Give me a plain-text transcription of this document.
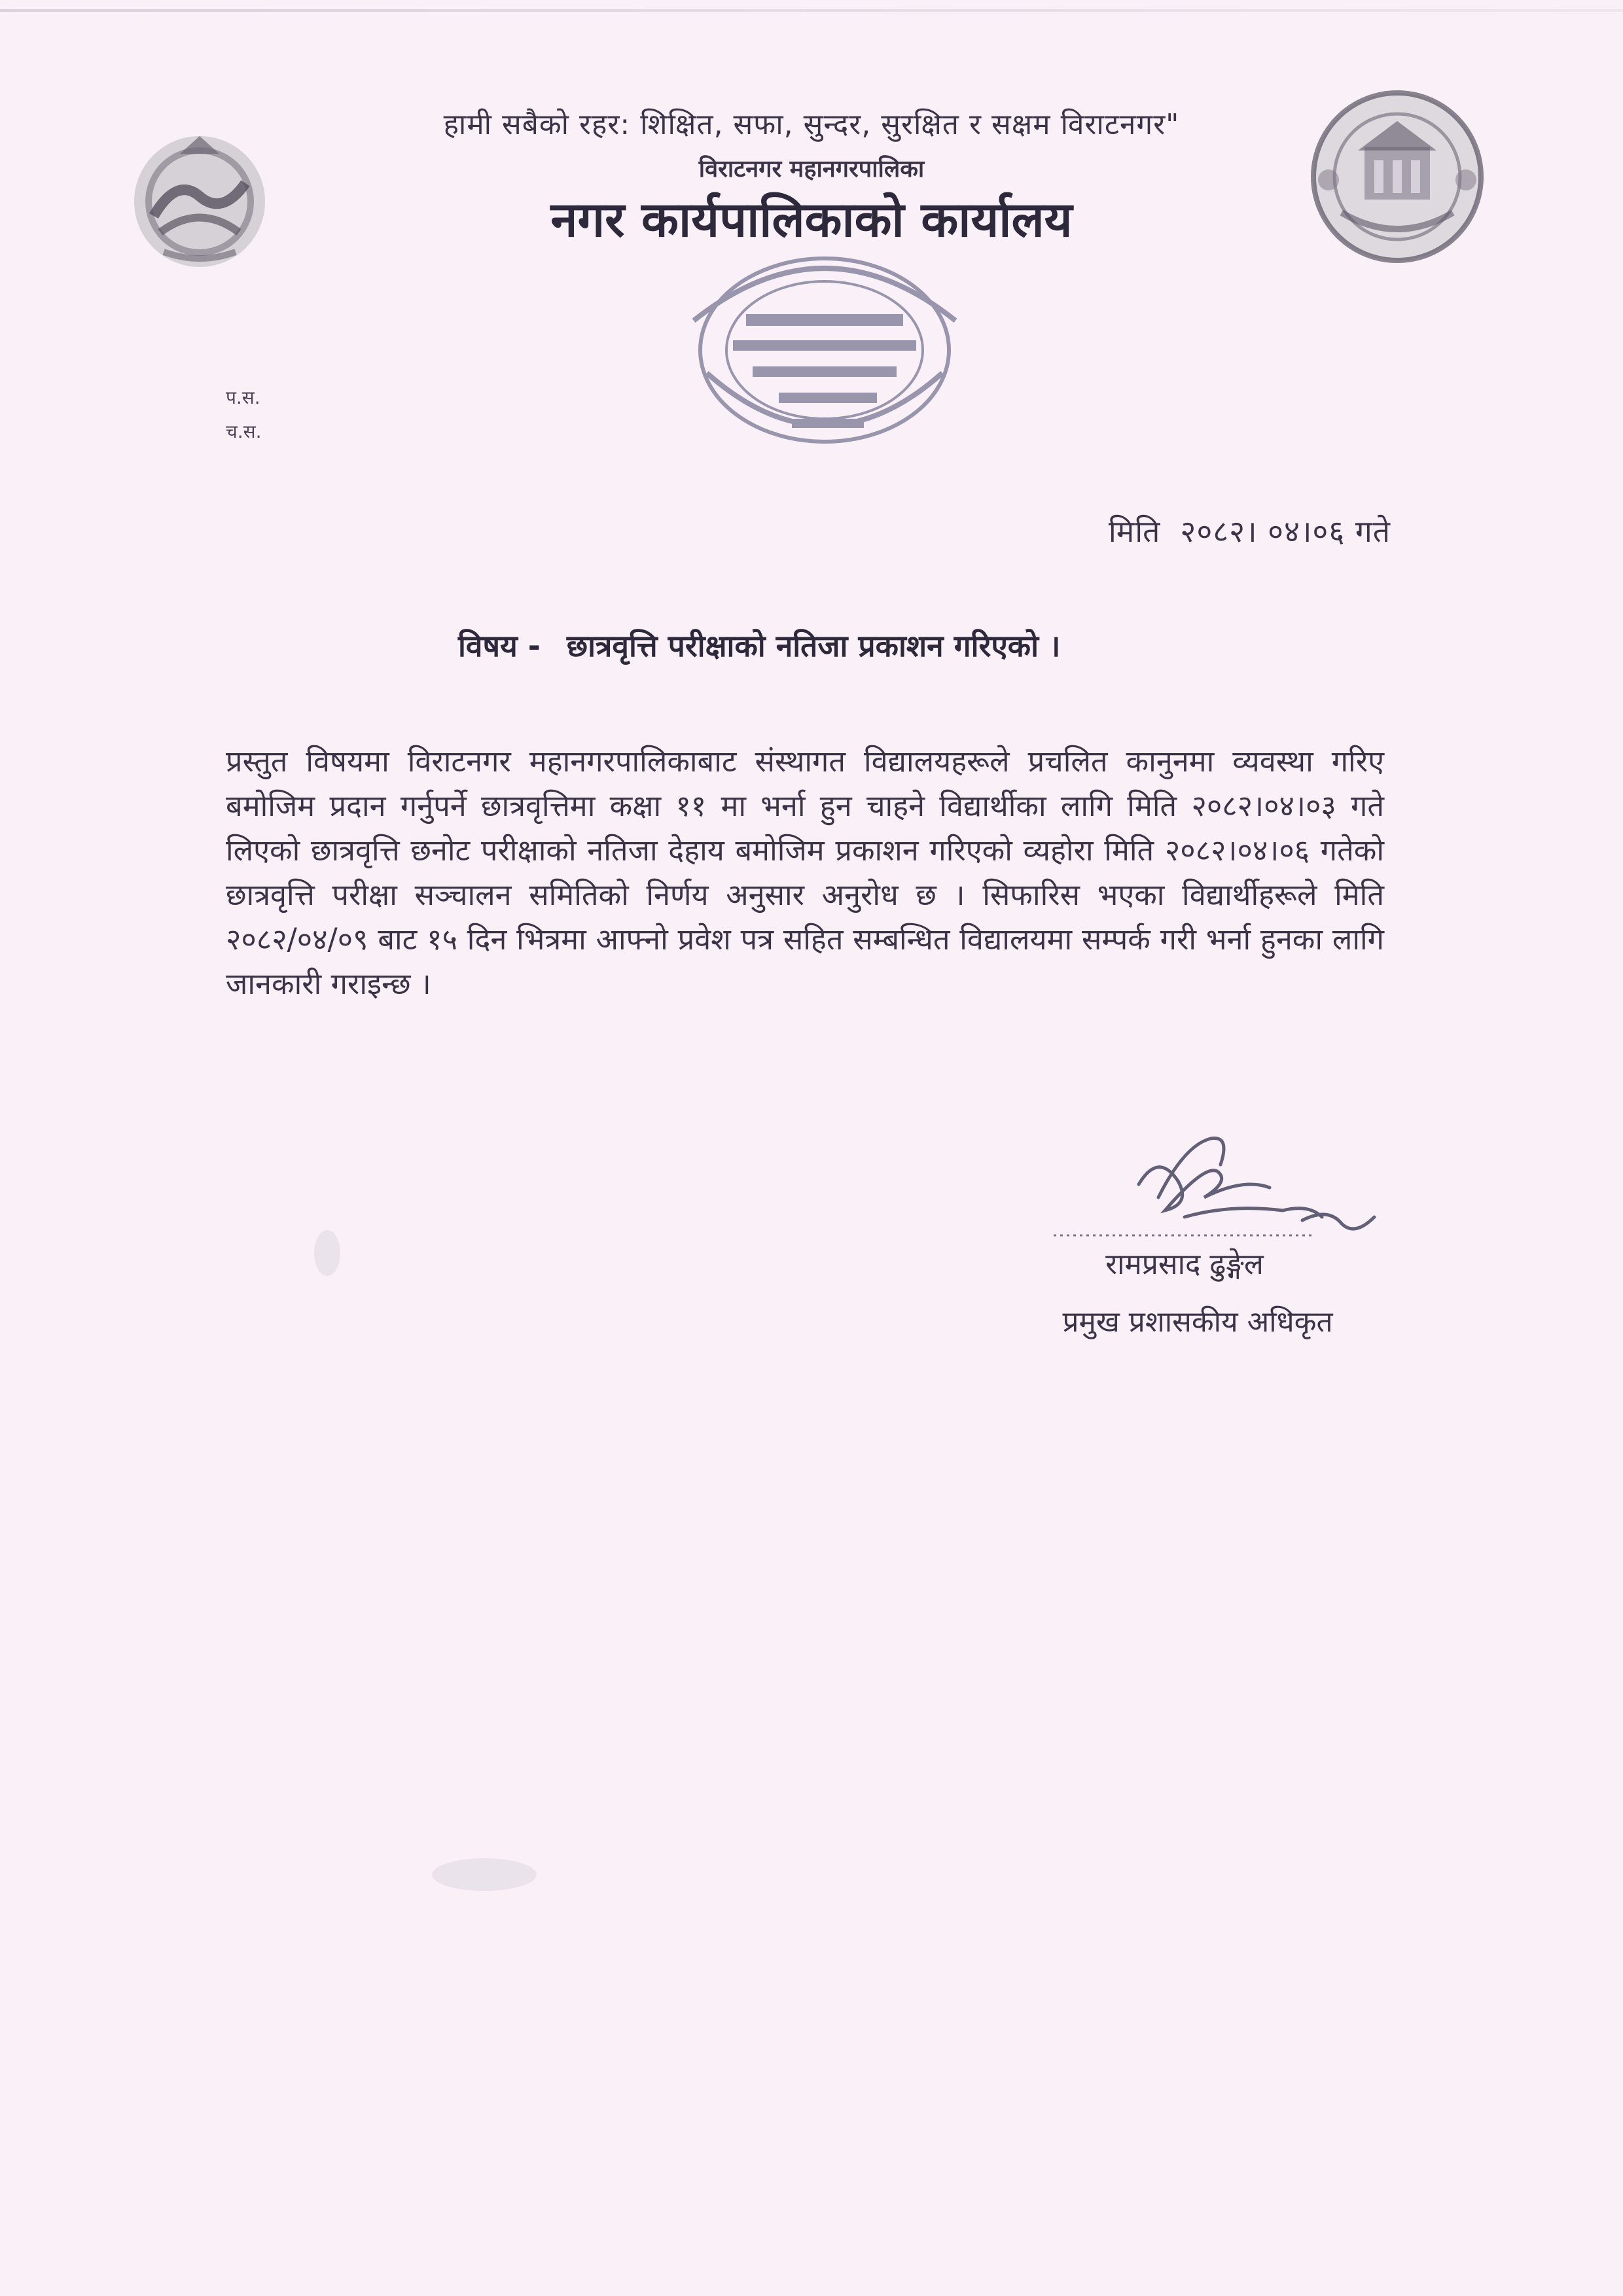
हामी सबैको रहर: शिक्षित, सफा, सुन्दर, सुरक्षित र सक्षम विराटनगर"
विराटनगर महानगरपालिका
नगर कार्यपालिकाको कार्यालय
प.स.
च.स.
मिति २०८२। ०४।०६ गते
विषय - छात्रवृत्ति परीक्षाको नतिजा प्रकाशन गरिएको ।
प्रस्तुत विषयमा विराटनगर महानगरपालिकाबाट संस्थागत विद्यालयहरूले प्रचलित कानुनमा व्यवस्था गरिए बमोजिम प्रदान गर्नुपर्ने छात्रवृत्तिमा कक्षा ११ मा भर्ना हुन चाहने विद्यार्थीका लागि मिति २०८२।०४।०३ गते लिएको छात्रवृत्ति छनोट परीक्षाको नतिजा देहाय बमोजिम प्रकाशन गरिएको व्यहोरा मिति २०८२।०४।०६ गतेको छात्रवृत्ति परीक्षा सञ्चालन समितिको निर्णय अनुसार अनुरोध छ । सिफारिस भएका विद्यार्थीहरूले मिति २०८२/०४/०९ बाट १५ दिन भित्रमा आफ्नो प्रवेश पत्र सहित सम्बन्धित विद्यालयमा सम्पर्क गरी भर्ना हुनका लागि जानकारी गराइन्छ ।
रामप्रसाद ढुङ्गेल
प्रमुख प्रशासकीय अधिकृत
